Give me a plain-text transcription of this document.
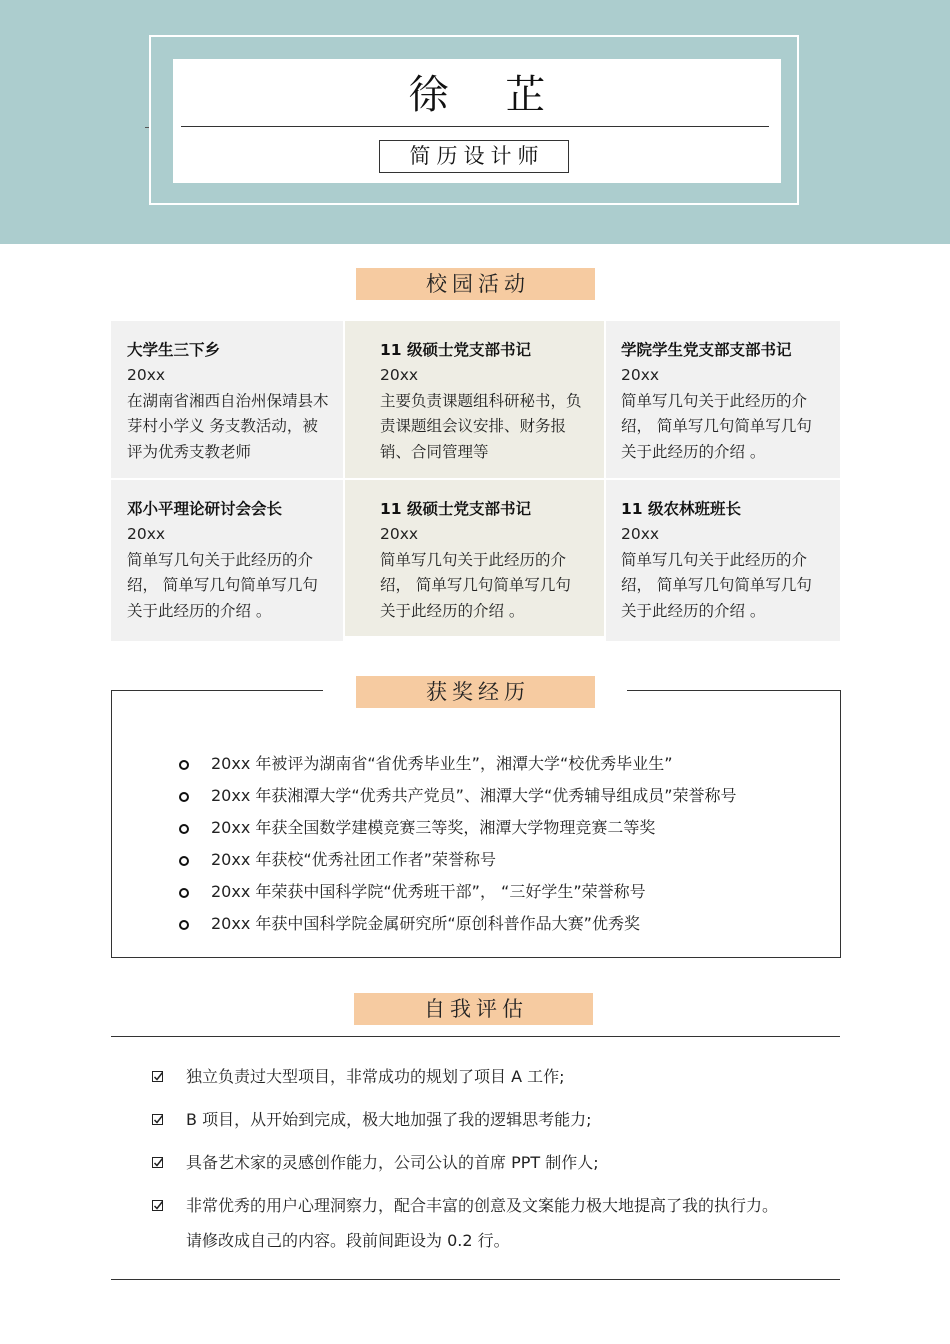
徐 芷
简历设计师
校园活动
大学生三下乡
20xx
在湖南省湘西自治州保靖县木芽村小学义 务支教活动，被评为优秀支教老师
11 级硕士党支部书记
20xx
主要负责课题组科研秘书，负责课题组会议安排、财务报销、合同管理等
学院学生党支部支部书记
20xx
简单写几句关于此经历的介绍， 简单写几句简单写几句关于此经历的介绍 。
邓小平理论研讨会会长
20xx
简单写几句关于此经历的介绍， 简单写几句简单写几句关于此经历的介绍 。
11 级硕士党支部书记
20xx
简单写几句关于此经历的介绍， 简单写几句简单写几句关于此经历的介绍 。
11 级农林班班长
20xx
简单写几句关于此经历的介绍， 简单写几句简单写几句关于此经历的介绍 。
获奖经历
20xx 年被评为湖南省“省优秀毕业生”，湘潭大学“校优秀毕业生”
20xx 年获湘潭大学“优秀共产党员”、湘潭大学“优秀辅导组成员”荣誉称号
20xx 年获全国数学建模竞赛三等奖，湘潭大学物理竞赛二等奖
20xx 年获校“优秀社团工作者”荣誉称号
20xx 年荣获中国科学院“优秀班干部”， “三好学生”荣誉称号
20xx 年获中国科学院金属研究所“原创科普作品大赛”优秀奖
自我评估
独立负责过大型项目，非常成功的规划了项目 A 工作;
B 项目，从开始到完成，极大地加强了我的逻辑思考能力;
具备艺术家的灵感创作能力，公司公认的首席 PPT 制作人;
非常优秀的用户心理洞察力，配合丰富的创意及文案能力极大地提高了我的执行力。
请修改成自己的内容。段前间距设为 0.2 行。
